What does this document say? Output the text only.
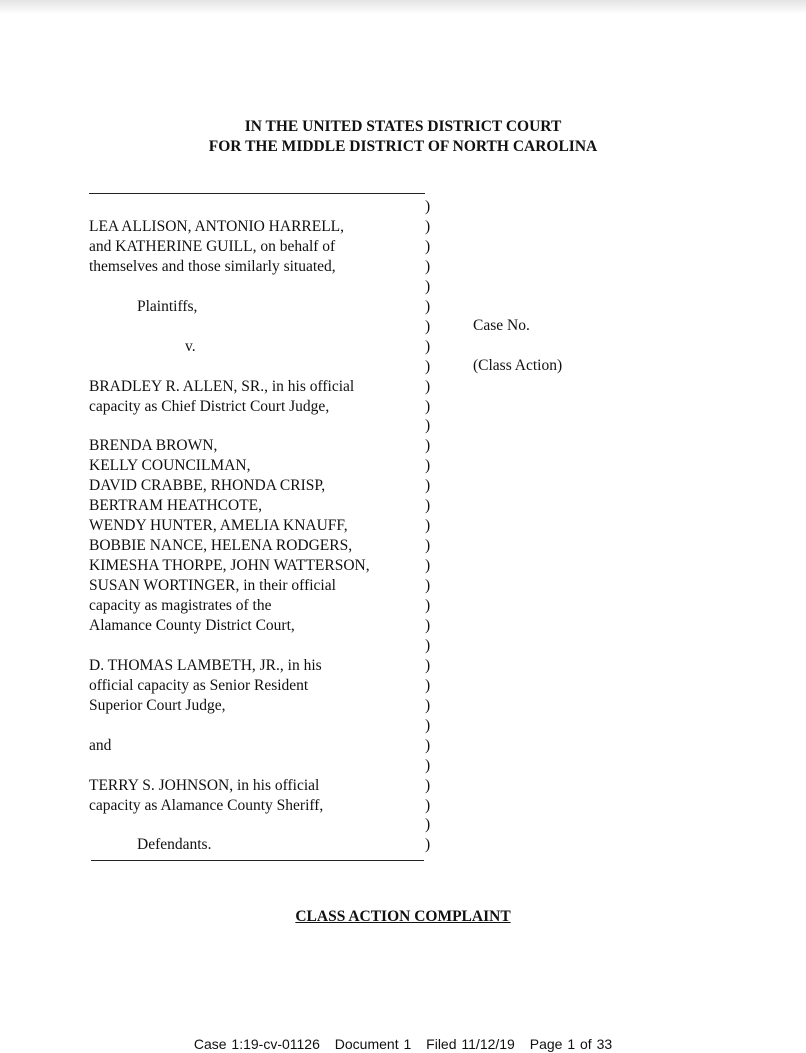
IN THE UNITED STATES DISTRICT COURT
FOR THE MIDDLE DISTRICT OF NORTH CAROLINA
)
LEA ALLISON, ANTONIO HARRELL,	)
and KATHERINE GUILL, on behalf of	)
themselves and those similarly situated,	)
)
Plaintiffs,	)
)
v.	)
)
BRADLEY R. ALLEN, SR., in his official	)
capacity as Chief District Court Judge,	)
)
BRENDA BROWN,	)
KELLY COUNCILMAN,	)
DAVID CRABBE, RHONDA CRISP,	)
BERTRAM HEATHCOTE,	)
WENDY HUNTER, AMELIA KNAUFF,	)
BOBBIE NANCE, HELENA RODGERS,	)
KIMESHA THORPE, JOHN WATTERSON,	)
SUSAN WORTINGER, in their official	)
capacity as magistrates of the	)
Alamance County District Court,	)
)
D. THOMAS LAMBETH, JR., in his	)
official capacity as Senior Resident	)
Superior Court Judge,	)
)
and	)
)
TERRY S. JOHNSON, in his official	)
capacity as Alamance County Sheriff,	)
)
Defendants.	)
Case No.
(Class Action)
CLASS ACTION COMPLAINT
Case 1:19-cv-01126 Document 1 Filed 11/12/19 Page 1 of 33
